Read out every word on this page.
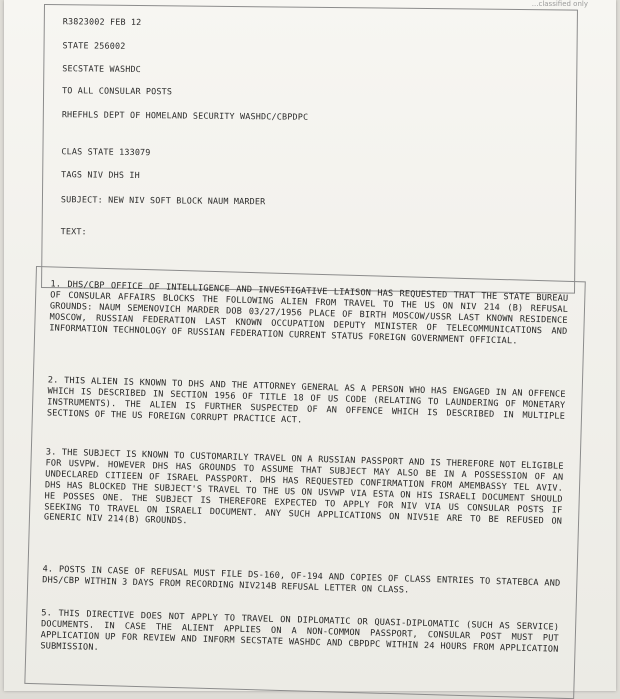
...classified only
R3823002 FEB 12
STATE 256002
SECSTATE WASHDC
TO ALL CONSULAR POSTS
RHEFHLS DEPT OF HOMELAND SECURITY WASHDC/CBPDPC
CLAS STATE 133079
TAGS NIV DHS IH
SUBJECT: NEW NIV SOFT BLOCK NAUM MARDER
TEXT:
1. DHS/CBP OFFICE OF INTELLIGENCE AND INVESTIGATIVE LIAISON HAS REQUESTED THAT THE STATE BUREAU OF CONSULAR AFFAIRS BLOCKS THE FOLLOWING ALIEN FROM TRAVEL TO THE US ON NIV 214 (B) REFUSAL GROUNDS: NAUM SEMENOVICH MARDER DOB 03/27/1956 PLACE OF BIRTH MOSCOW/USSR LAST KNOWN RESIDENCE MOSCOW, RUSSIAN FEDERATION LAST KNOWN OCCUPATION DEPUTY MINISTER OF TELECOMMUNICATIONS AND INFORMATION TECHNOLOGY OF RUSSIAN FEDERATION CURRENT STATUS FOREIGN GOVERNMENT OFFICIAL.
2. THIS ALIEN IS KNOWN TO DHS AND THE ATTORNEY GENERAL AS A PERSON WHO HAS ENGAGED IN AN OFFENCE WHICH IS DESCRIBED IN SECTION 1956 OF TITLE 18 OF US CODE (RELATING TO LAUNDERING OF MONETARY INSTRUMENTS). THE ALIEN IS FURTHER SUSPECTED OF AN OFFENCE WHICH IS DESCRIBED IN MULTIPLE SECTIONS OF THE US FOREIGN CORRUPT PRACTICE ACT.
3. THE SUBJECT IS KNOWN TO CUSTOMARILY TRAVEL ON A RUSSIAN PASSPORT AND IS THEREFORE NOT ELIGIBLE FOR USVPW. HOWEVER DHS HAS GROUNDS TO ASSUME THAT SUBJECT MAY ALSO BE IN A POSSESSION OF AN UNDECLARED CITIEEN OF ISRAEL PASSPORT. DHS HAS REQUESTED CONFIRMATION FROM AMEMBASSY TEL AVIV. DHS HAS BLOCKED THE SUBJECT'S TRAVEL TO THE US ON USVWP VIA ESTA ON HIS ISRAELI DOCUMENT SHOULD HE POSSES ONE. THE SUBJECT IS THEREFORE EXPECTED TO APPLY FOR NIV VIA US CONSULAR POSTS IF SEEKING TO TRAVEL ON ISRAELI DOCUMENT. ANY SUCH APPLICATIONS ON NIV51E ARE TO BE REFUSED ON GENERIC NIV 214(B) GROUNDS.
4. POSTS IN CASE OF REFUSAL MUST FILE DS-160, OF-194 AND COPIES OF CLASS ENTRIES TO STATEBCA AND DHS/CBP WITHIN 3 DAYS FROM RECORDING NIV214B REFUSAL LETTER ON CLASS.
5. THIS DIRECTIVE DOES NOT APPLY TO TRAVEL ON DIPLOMATIC OR QUASI-DIPLOMATIC (SUCH AS SERVICE) DOCUMENTS. IN CASE THE ALIENT APPLIES ON A NON-COMMON PASSPORT, CONSULAR POST MUST PUT APPLICATION UP FOR REVIEW AND INFORM SECSTATE WASHDC AND CBPDPC WITHIN 24 HOURS FROM APPLICATION SUBMISSION.
